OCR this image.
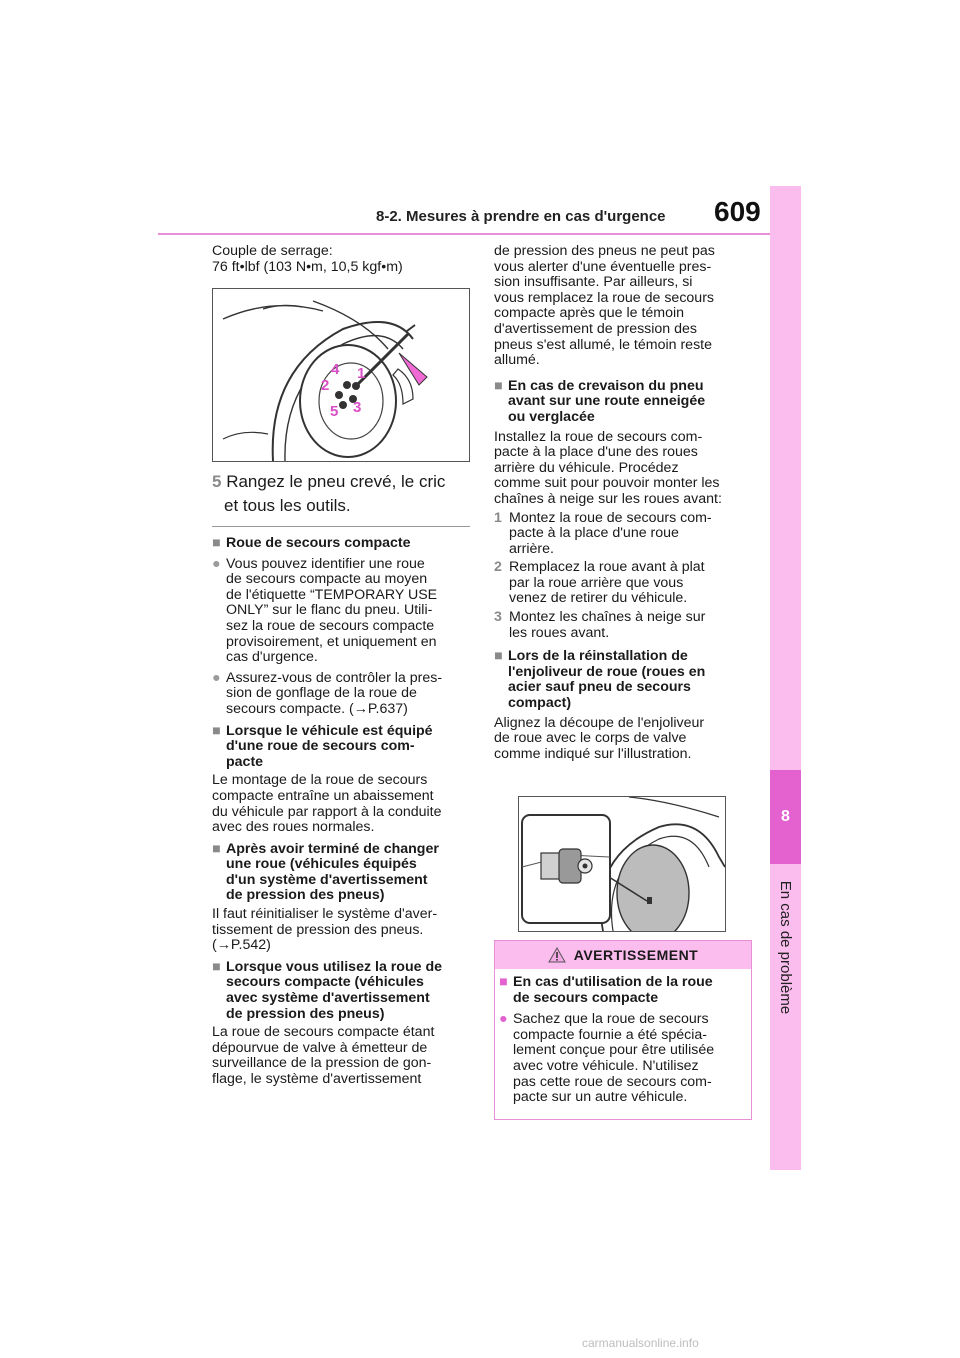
8-2. Mesures à prendre en cas d'urgence 609
8
En cas de problème

Couple de serrage:

76 ft•lbf (103 N•m, 10,5 kgf•m)

4 1
2
3
5
5 Rangez le pneu crevé, le cric
et tous les outils.
■ Roue de secours compacte
● Vous pouvez identifier une roue

de secours compacte au moyen

de l'étiquette “TEMPORARY USE

ONLY” sur le flanc du pneu. Utili-

sez la roue de secours compacte

provisoirement, et uniquement en

cas d'urgence.

● Assurez-vous de contrôler la pres-

sion de gonflage de la roue de

secours compacte. (→P.637)

■ Lorsque le véhicule est équipé

d'une roue de secours com-

pacte

Le montage de la roue de secours

compacte entraîne un abaissement

du véhicule par rapport à la conduite

avec des roues normales.

■ Après avoir terminé de changer

une roue (véhicules équipés

d'un système d'avertissement

de pression des pneus)

Il faut réinitialiser le système d'aver-

tissement de pression des pneus.

(→P.542)

■ Lorsque vous utilisez la roue de

secours compacte (véhicules

avec système d'avertissement

de pression des pneus)

La roue de secours compacte étant

dépourvue de valve à émetteur de

surveillance de la pression de gon-

flage, le système d'avertissement

de pression des pneus ne peut pas

vous alerter d'une éventuelle pres-

sion insuffisante. Par ailleurs, si

vous remplacez la roue de secours

compacte après que le témoin

d'avertissement de pression des

pneus s'est allumé, le témoin reste

allumé.

■ En cas de crevaison du pneu

avant sur une route enneigée

ou verglacée

Installez la roue de secours com-

pacte à la place d'une des roues

arrière du véhicule. Procédez

comme suit pour pouvoir monter les

chaînes à neige sur les roues avant:

1 Montez la roue de secours com-

pacte à la place d'une roue

arrière.

2 Remplacez la roue avant à plat

par la roue arrière que vous

venez de retirer du véhicule.

3 Montez les chaînes à neige sur

les roues avant.

■ Lors de la réinstallation de

l'enjoliveur de roue (roues en

acier sauf pneu de secours

compact)

Alignez la découpe de l'enjoliveur

de roue avec le corps de valve

comme indiqué sur l'illustration.

AVERTISSEMENT
■ En cas d'utilisation de la roue

de secours compacte

● Sachez que la roue de secours

compacte fournie a été spécia-

lement conçue pour être utilisée

avec votre véhicule. N'utilisez

pas cette roue de secours com-

pacte sur un autre véhicule.

carmanualsonline.info
